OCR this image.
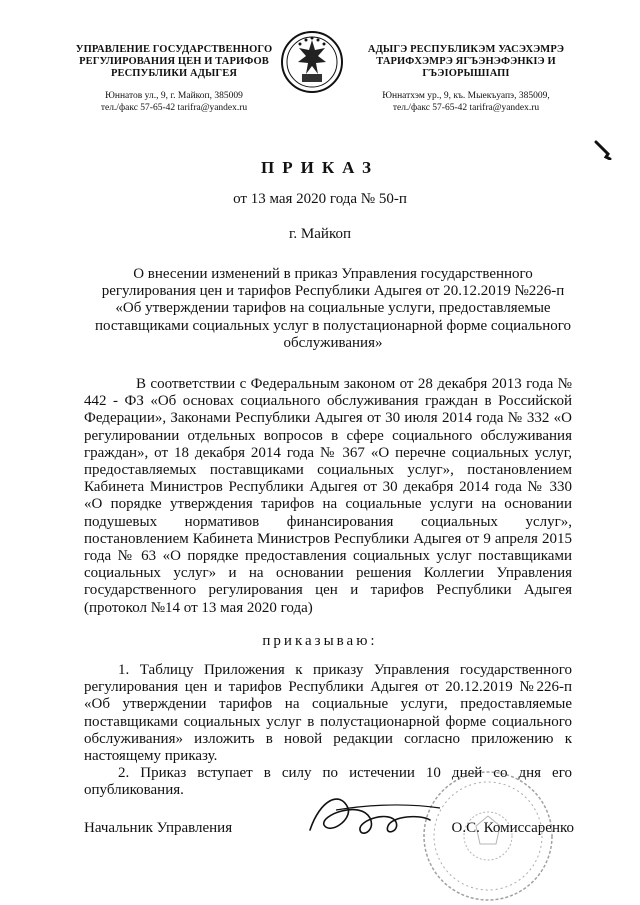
УПРАВЛЕНИЕ ГОСУДАРСТВЕННОГО
РЕГУЛИРОВАНИЯ ЦЕН И ТАРИФОВ
РЕСПУБЛИКИ АДЫГЕЯ
Юннатов ул., 9, г. Майкоп, 385009
тел./факс 57-65-42 tarifra@yandex.ru
АДЫГЭ РЕСПУБЛИКЭМ УАСЭХЭМРЭ
ТАРИФХЭМРЭ ЯГЪЭНЭФЭНКIЭ И
ГЪЭIОРЫШIАПI
Юннатхэм ур., 9, къ. Мыекъуапэ, 385009,
тел./факс 57-65-42 tarifra@yandex.ru
ПРИКАЗ
от 13 мая 2020 года № 50-п
г. Майкоп
О внесении изменений в приказ Управления государственного регулирования цен и тарифов Республики Адыгея от 20.12.2019 №226-п «Об утверждении тарифов на социальные услуги, предоставляемые поставщиками социальных услуг в полустационарной форме социального обслуживания»

В соответствии с Федеральным законом от 28 декабря 2013 года № 442 - ФЗ «Об основах социального обслуживания граждан в Российской Федерации», Законами Республики Адыгея от 30 июля 2014 года № 332 «О регулировании отдельных вопросов в сфере социального обслуживания граждан», от 18 декабря 2014 года № 367 «О перечне социальных услуг, предоставляемых поставщиками социальных услуг», постановлением Кабинета Министров Республики Адыгея от 30 декабря 2014 года № 330 «О порядке утверждения тарифов на социальные услуги на основании подушевых нормативов финансирования социальных услуг», постановлением Кабинета Министров Республики Адыгея от 9 апреля 2015 года № 63 «О порядке предоставления социальных услуг поставщиками социальных услуг» и на основании решения Коллегии Управления государственного регулирования цен и тарифов Республики Адыгея (протокол №14 от 13 мая 2020 года)

приказываю:

1. Таблицу Приложения к приказу Управления государственного регулирования цен и тарифов Республики Адыгея от 20.12.2019 №226-п «Об утверждении тарифов на социальные услуги, предоставляемые поставщиками социальных услуг в полустационарной форме социального обслуживания» изложить в новой редакции согласно приложению к настоящему приказу.

2. Приказ вступает в силу по истечении 10 дней со дня его опубликования.

Начальник Управления	О.С. Комиссаренко
